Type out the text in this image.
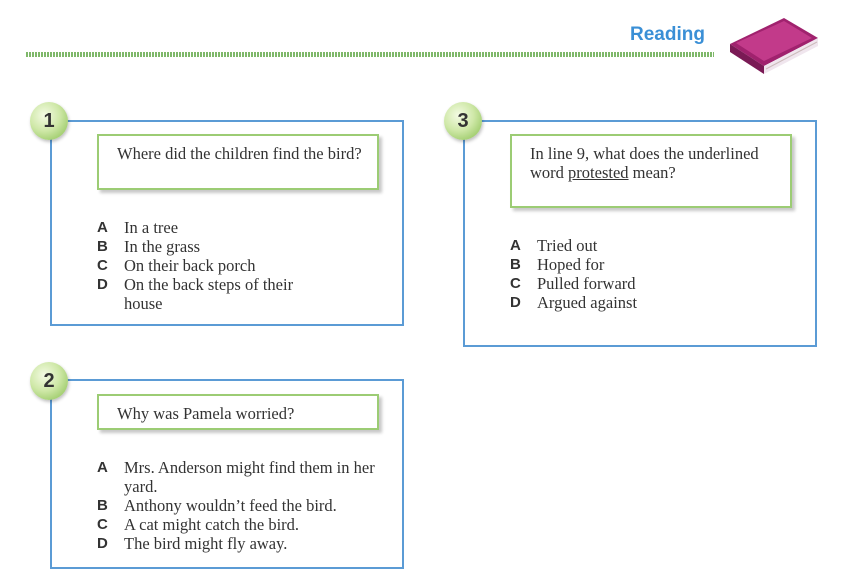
Reading
1
Where did the children find the bird?
A In a tree
B In the grass
C On their back porch
D On the back steps of their house
2
Why was Pamela worried?
A Mrs. Anderson might find them in her yard.
B Anthony wouldn’t feed the bird.
C A cat might catch the bird.
D The bird might fly away.
3
In line 9, what does the underlined word protested mean?
A Tried out
B Hoped for
C Pulled forward
D Argued against
